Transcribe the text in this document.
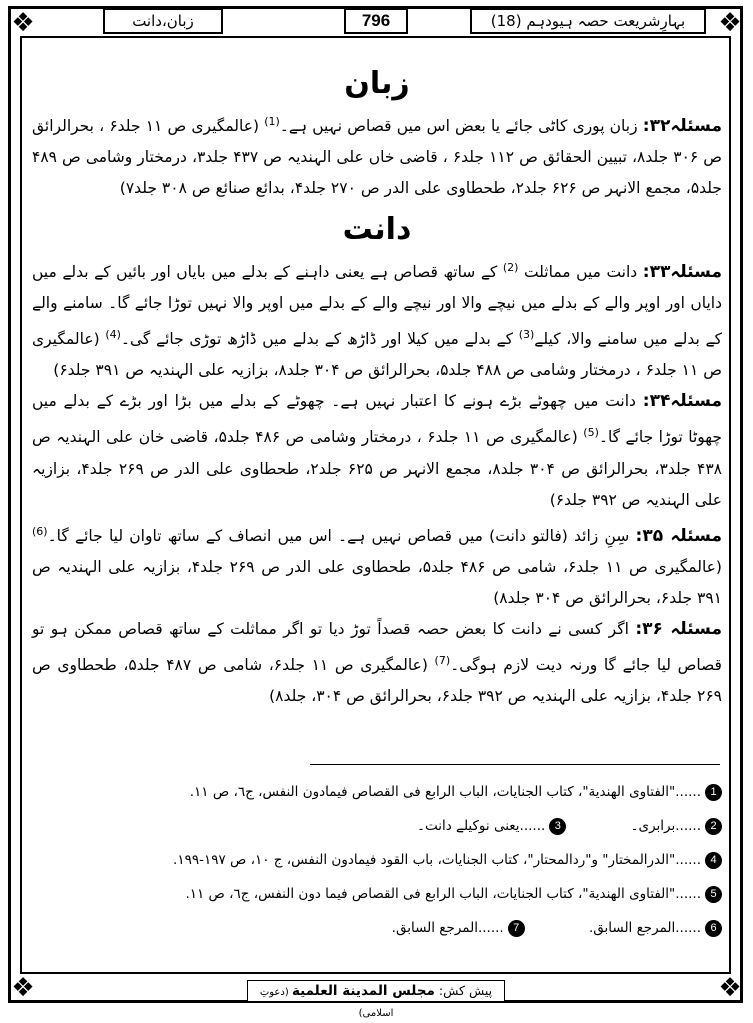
❖	❖
❖	❖
بہارِشریعت حصہ ہیودہم (18)
796
زبان،دانت
زبان

مسئلہ۳۲: زبان پوری کاٹی جائے یا بعض اس میں قصاص نہیں ہے۔$^{(1)}$ (عالمگیری ص ۱۱ جلد۶ ، بحرالرائق ص ۳۰۶ جلد۸، تبیین الحقائق ص ۱۱۲ جلد۶ ، قاضی خاں علی الہندیہ ص ۴۳۷ جلد۳، درمختار وشامی ص ۴۸۹ جلد۵، مجمع الانہر ص ۶۲۶ جلد۲، طحطاوی علی الدر ص ۲۷۰ جلد۴، بدائع صنائع ص ۳۰۸ جلد۷)

دانت

مسئلہ۳۳: دانت میں مماثلت $^{(2)}$ کے ساتھ قصاص ہے یعنی داہنے کے بدلے میں بایاں اور بائیں کے بدلے میں دایاں اور اوپر والے کے بدلے میں نیچے والا اور نیچے والے کے بدلے میں اوپر والا نہیں توڑا جائے گا۔ سامنے والے کے بدلے میں سامنے والا، کیلے$^{(3)}$ کے بدلے میں کیلا اور ڈاڑھ کے بدلے میں ڈاڑھ توڑی جائے گی۔$^{(4)}$ (عالمگیری ص ۱۱ جلد۶ ، درمختار وشامی ص ۴۸۸ جلد۵، بحرالرائق ص ۳۰۴ جلد۸، بزازیہ علی الہندیہ ص ۳۹۱ جلد۶)

مسئلہ۳۴: دانت میں چھوٹے بڑے ہونے کا اعتبار نہیں ہے۔ چھوٹے کے بدلے میں بڑا اور بڑے کے بدلے میں چھوٹا توڑا جائے گا۔$^{(5)}$ (عالمگیری ص ۱۱ جلد۶ ، درمختار وشامی ص ۴۸۶ جلد۵، قاضی خان علی الہندیہ ص ۴۳۸ جلد۳، بحرالرائق ص ۳۰۴ جلد۸، مجمع الانہر ص ۶۲۵ جلد۲، طحطاوی علی الدر ص ۲۶۹ جلد۴، بزازیہ علی الہندیہ ص ۳۹۲ جلد۶)

مسئلہ ۳۵: سِنِ زائد (فالتو دانت) میں قصاص نہیں ہے۔ اس میں انصاف کے ساتھ تاوان لیا جائے گا۔$^{(6)}$ (عالمگیری ص ۱۱ جلد۶، شامی ص ۴۸۶ جلد۵، طحطاوی علی الدر ص ۲۶۹ جلد۴، بزازیہ علی الہندیہ ص ۳۹۱ جلد۶، بحرالرائق ص ۳۰۴ جلد۸)

مسئلہ ۳۶: اگر کسی نے دانت کا بعض حصہ قصداً توڑ دیا تو اگر مماثلت کے ساتھ قصاص ممکن ہو تو قصاص لیا جائے گا ورنہ دیت لازم ہوگی۔$^{(7)}$ (عالمگیری ص ۱۱ جلد۶، شامی ص ۴۸۷ جلد۵، طحطاوی ص ۲۶۹ جلد۴، بزازیہ علی الہندیہ ص ۳۹۲ جلد۶، بحرالرائق ص ۳۰۴، جلد۸)

1......"الفتاوى الهندية"، كتاب الجنايات، الباب الرابع فى القصاص فيمادون النفس، ج٦، ص ١١.
2......برابری۔ 3......یعنی نوکیلے دانت۔
4......"الدرالمختار" و"ردالمحتار"، كتاب الجنايات، باب القود فيمادون النفس، ج ١٠، ص ١٩٧-١٩٩.
5......"الفتاوى الهندية"، كتاب الجنايات، الباب الرابع فى القصاص فيما دون النفس، ج٦، ص ١١.
6......المرجع السابق. 7......المرجع السابق.
پیش کش: مجلس المدينة العلمية (دعوتِ اسلامی)
